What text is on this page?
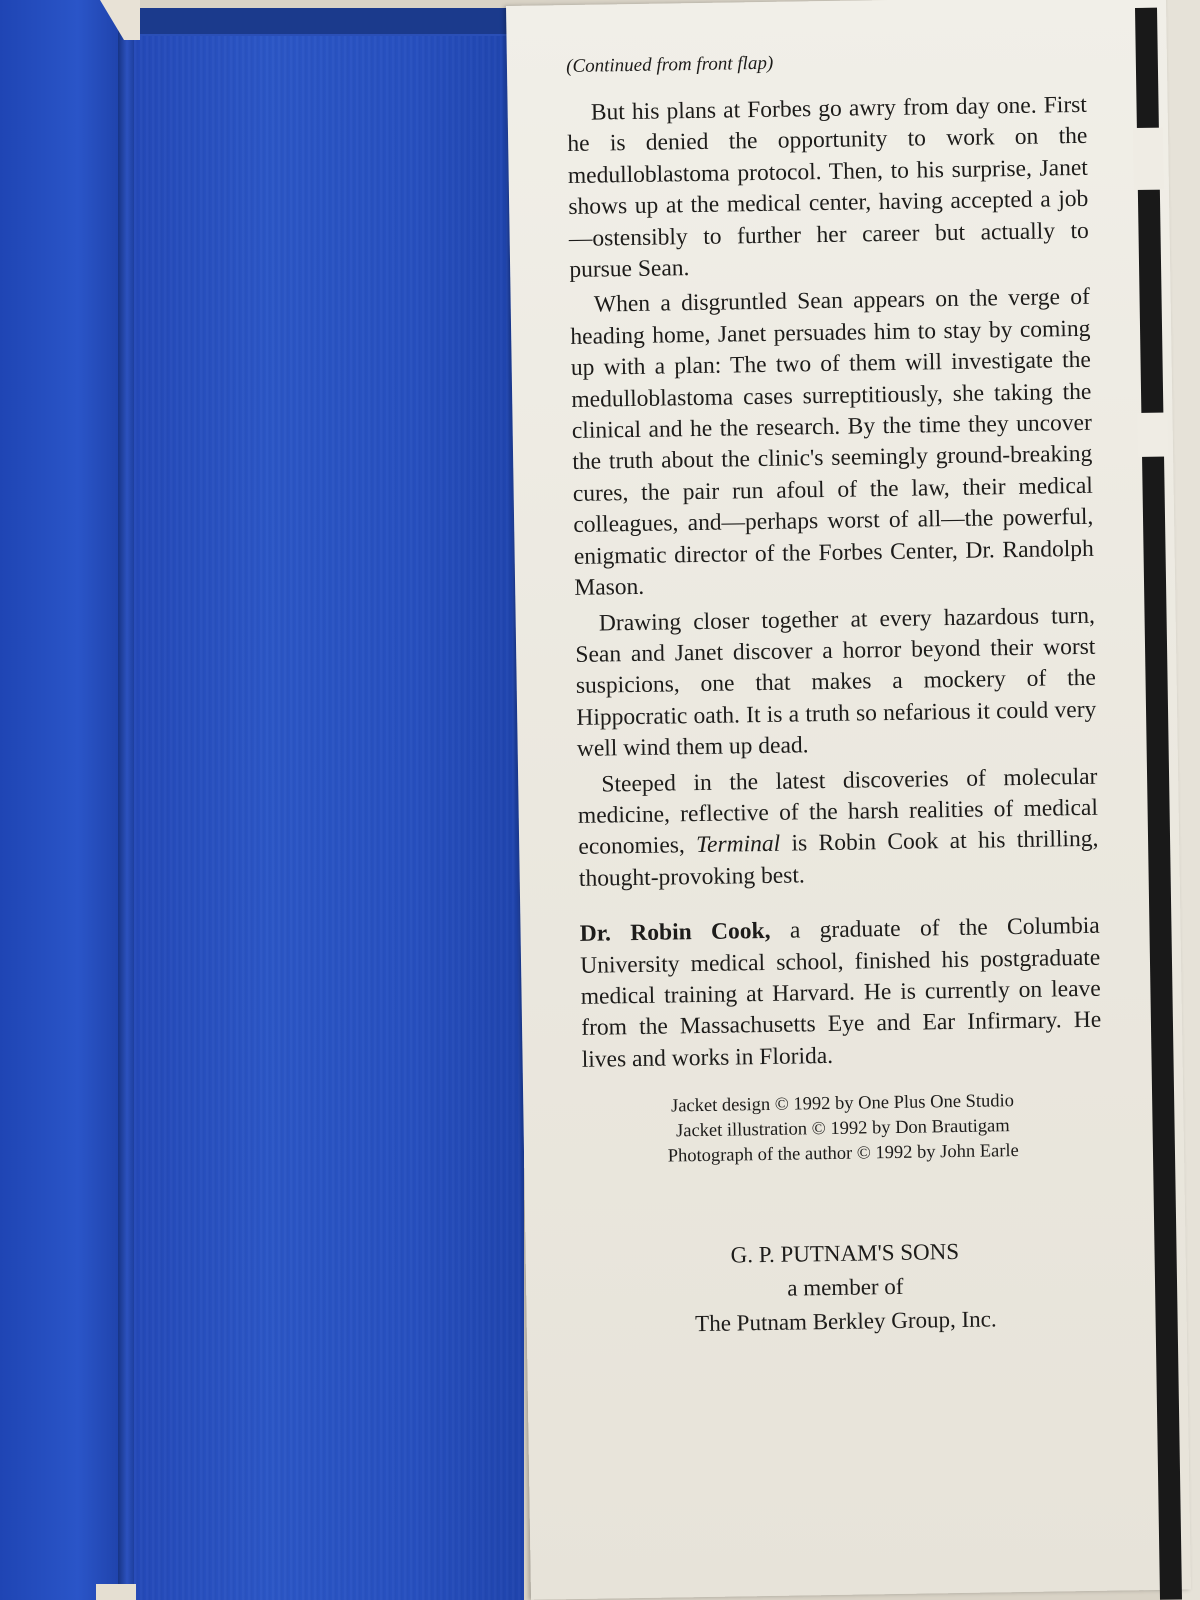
(Continued from front flap)

But his plans at Forbes go awry from day one. First he is denied the opportunity to work on the medulloblastoma protocol. Then, to his surprise, Janet shows up at the medical center, having accepted a job—ostensibly to further her career but actually to pursue Sean.

When a disgruntled Sean appears on the verge of heading home, Janet persuades him to stay by coming up with a plan: The two of them will investigate the medulloblastoma cases surreptitiously, she taking the clinical and he the research. By the time they uncover the truth about the clinic's seemingly ground-breaking cures, the pair run afoul of the law, their medical colleagues, and—perhaps worst of all—the powerful, enigmatic director of the Forbes Center, Dr. Randolph Mason.

Drawing closer together at every hazardous turn, Sean and Janet discover a horror beyond their worst suspicions, one that makes a mockery of the Hippocratic oath. It is a truth so nefarious it could very well wind them up dead.

Steeped in the latest discoveries of molecular medicine, reflective of the harsh realities of medical economies, Terminal is Robin Cook at his thrilling, thought-provoking best.

Dr. Robin Cook, a graduate of the Columbia University medical school, finished his postgraduate medical training at Harvard. He is currently on leave from the Massachusetts Eye and Ear Infirmary. He lives and works in Florida.

Jacket design © 1992 by One Plus One Studio
Jacket illustration © 1992 by Don Brautigam
Photograph of the author © 1992 by John Earle
G. P. PUTNAM'S SONS
a member of
The Putnam Berkley Group, Inc.
